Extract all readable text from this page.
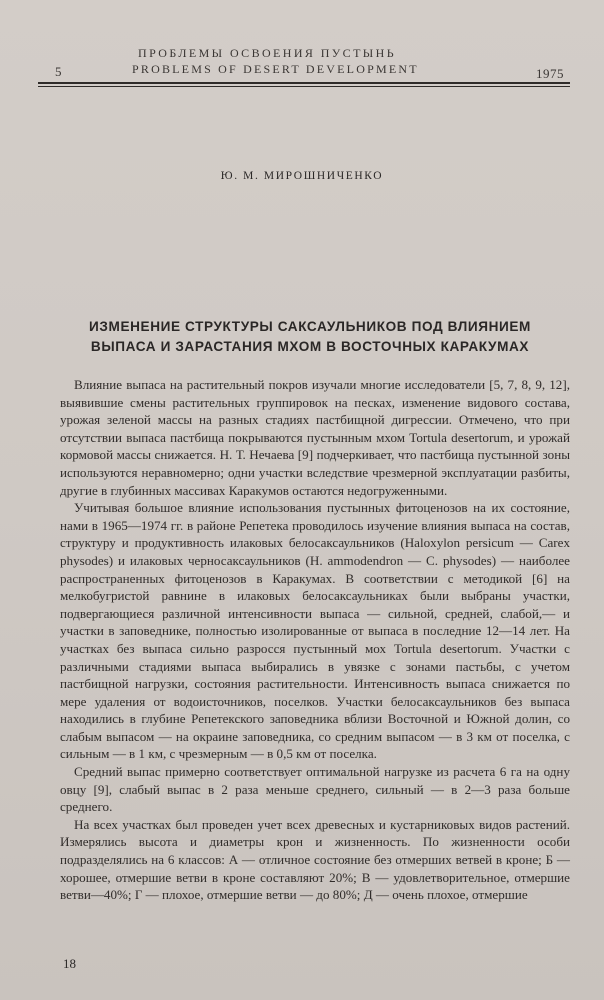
5
ПРОБЛЕМЫ ОСВОЕНИЯ ПУСТЫНЬ
PROBLEMS OF DESERT DEVELOPMENT	1975
Ю. М. МИРОШНИЧЕНКО
ИЗМЕНЕНИЕ СТРУКТУРЫ САКСАУЛЬНИКОВ ПОД ВЛИЯНИЕМ
ВЫПАСА И ЗАРАСТАНИЯ МХОМ В ВОСТОЧНЫХ КАРАКУМАХ

Влияние выпаса на растительный покров изучали многие исследователи [5, 7, 8, 9, 12], выявившие смены растительных группировок на песках, изменение видового состава, урожая зеленой массы на разных стадиях пастбищной дигрессии. Отмечено, что при отсутствии выпаса пастбища покрываются пустынным мхом Tortula desertorum, и урожай кормовой массы снижается. Н. Т. Нечаева [9] подчеркивает, что пастбища пустынной зоны используются неравномерно; одни участки вследствие чрезмерной эксплуатации разбиты, другие в глубинных массивах Каракумов остаются недогруженными.

Учитывая большое влияние использования пустынных фитоценозов на их состояние, нами в 1965—1974 гг. в районе Репетека проводилось изучение влияния выпаса на состав, структуру и продуктивность илаковых белосаксаульников (Haloxylon persicum — Carex physodes) и илаковых черносаксаульников (H. ammodendron — C. physodes) — наиболее распространенных фитоценозов в Каракумах. В соответствии с методикой [6] на мелкобугристой равнине в илаковых белосаксаульниках были выбраны участки, подвергающиеся различной интенсивности выпаса — сильной, средней, слабой,— и участки в заповеднике, полностью изолированные от выпаса в последние 12—14 лет. На участках без выпаса сильно разросся пустынный мох Tortula desertorum. Участки с различными стадиями выпаса выбирались в увязке с зонами пастьбы, с учетом пастбищной нагрузки, состояния растительности. Интенсивность выпаса снижается по мере удаления от водоисточников, поселков. Участки белосаксаульников без выпаса находились в глубине Репетекского заповедника вблизи Восточной и Южной долин, со слабым выпасом — на окраине заповедника, со средним выпасом — в 3 км от поселка, с сильным — в 1 км, с чрезмерным — в 0,5 км от поселка.

Средний выпас примерно соответствует оптимальной нагрузке из расчета 6 га на одну овцу [9], слабый выпас в 2 раза меньше среднего, сильный — в 2—3 раза больше среднего.

На всех участках был проведен учет всех древесных и кустарниковых видов растений. Измерялись высота и диаметры крон и жизненность. По жизненности особи подразделялись на 6 классов: А — отличное состояние без отмерших ветвей в кроне; Б — хорошее, отмершие ветви в кроне составляют 20%; В — удовлетворительное, отмершие ветви—40%; Г — плохое, отмершие ветви — до 80%; Д — очень плохое, отмершие

18
